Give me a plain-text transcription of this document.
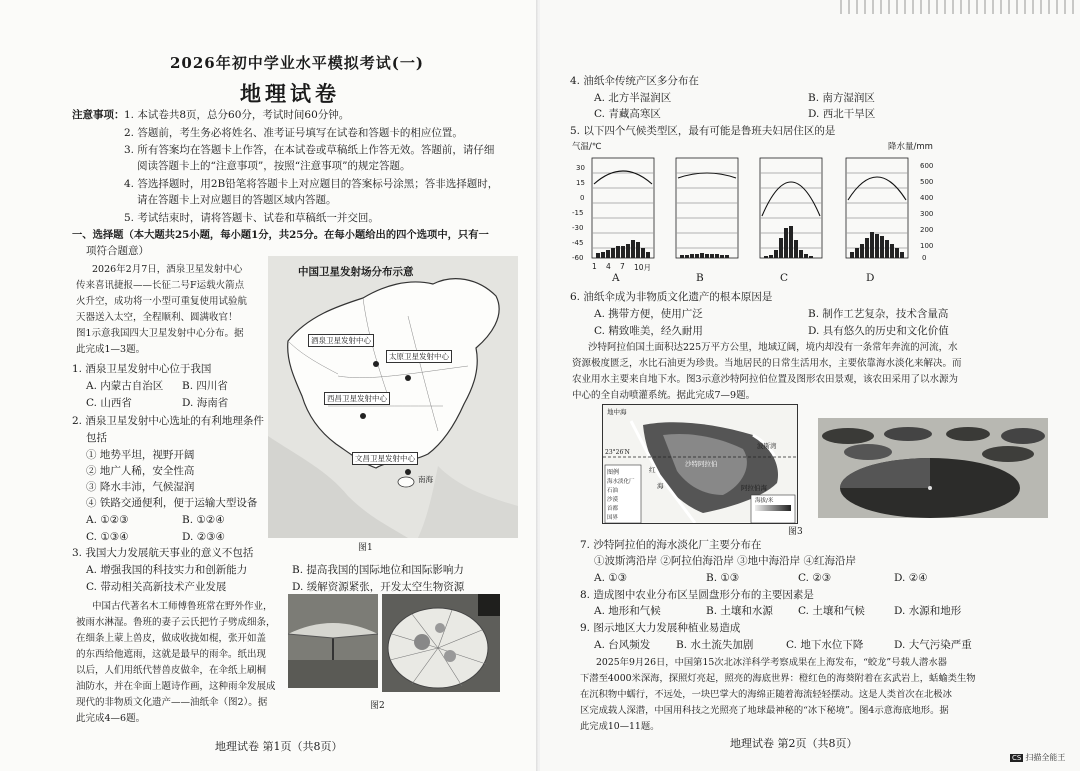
2026年初中学业水平模拟考试(一)
地理试卷
注意事项： 1. 本试卷共8页，总分60分，考试时间60分钟。
2. 答题前，考生务必将姓名、准考证号填写在试卷和答题卡的相应位置。
3. 所有答案均在答题卡上作答，在本试卷或草稿纸上作答无效。答题前，请仔细
阅读答题卡上的“注意事项”，按照“注意事项”的规定答题。
4. 答选择题时，用2B铅笔将答题卡上对应题目的答案标号涂黑；答非选择题时，
请在答题卡上对应题目的答题区域内答题。
5. 考试结束时，请将答题卡、试卷和草稿纸一并交回。
一、选择题（本大题共25小题，每小题1分，共25分。在每小题给出的四个选项中，只有一
项符合题意）
2026年2月7日，酒泉卫星发射中心
传来喜讯捷报——长征二号F运载火箭点
火升空，成功将一小型可重复使用试验航
天器送入太空，全程顺利、圆满收官！
图1示意我国四大卫星发射中心分布。据
此完成1—3题。
1. 酒泉卫星发射中心位于我国
A. 内蒙古自治区 B. 四川省
C. 山西省	D. 海南省
2. 酒泉卫星发射中心选址的有利地理条件
包括
① 地势平坦，视野开阔
② 地广人稀，安全性高
③ 降水丰沛，气候湿润
④ 铁路交通便利，便于运输大型设备
A. ①②③	B. ①②④
C. ①③④	D. ②③④
3. 我国大力发展航天事业的意义不包括
A. 增强我国的科技实力和创新能力	B. 提高我国的国际地位和国际影响力
C. 带动相关高新技术产业发展	D. 缓解资源紧张，开发太空生物资源
中国古代著名木工师傅鲁班常在野外作业，
被雨水淋湿。鲁班的妻子云氏把竹子劈成细条，
在细条上蒙上兽皮，做成收拢如棍，张开如盖
的东西给他遮雨，这就是最早的雨伞。纸出现
以后，人们用纸代替兽皮做伞，在伞纸上刷桐
油防水，并在伞面上题诗作画，这种雨伞发展成
现代的非物质文化遗产——油纸伞（图2）。据
此完成4—6题。
中国卫星发射场分布示意
酒泉卫星发射中心
太原卫星发射中心
西昌卫星发射中心
文昌卫星发射中心
南海
图1
图2
地理试卷 第1页（共8页）
4. 油纸伞传统产区多分布在
A. 北方半湿润区	B. 南方湿润区
C. 青藏高寒区	D. 西北干旱区
5. 以下四个气候类型区，最有可能是鲁班夫妇居住区的是
气温/℃	降水量/mm
30
15
0
-15
-30
-45
-60
600
500
400
300
200
100
0
1 4 7 10月
A	B	C	D
6. 油纸伞成为非物质文化遗产的根本原因是
A. 携带方便，使用广泛	B. 制作工艺复杂，技术含量高
C. 精致唯美，经久耐用	D. 具有悠久的历史和文化价值
沙特阿拉伯国土面积达225万平方公里，地域辽阔，境内却没有一条常年奔流的河流，水
资源极度匮乏，水比石油更为珍贵。当地居民的日常生活用水，主要依靠海水淡化来解决。而
农业用水主要来自地下水。图3示意沙特阿拉伯位置及图形农田景观，该农田采用了以水源为
中心的全自动喷灌系统。据此完成7—9题。
地中海
23°26′N
红
海
波斯湾
阿拉伯海
图例
海水淡化厂
石油
沙漠
首都
国界
沙特阿拉伯
海拔/米
图3
7. 沙特阿拉伯的海水淡化厂主要分布在
①波斯湾沿岸 ②阿拉伯海沿岸 ③地中海沿岸 ④红海沿岸
A. ①③	B. ①③	C. ②③	D. ②④
8. 造成图中农业分布区呈圆盘形分布的主要因素是
A. 地形和气候	B. 土壤和水源 C. 土壤和气候	D. 水源和地形
9. 图示地区大力发展种植业易造成
A. 台风频发 B. 水土流失加剧	C. 地下水位下降	D. 大气污染严重
2025年9月26日，中国第15次北冰洋科学考察成果在上海发布，“蛟龙”号载人潜水器
下潜至4000米深海，探照灯亮起，照亮的海底世界：橙红色的海葵附着在玄武岩上，蛞蝓类生物
在沉积物中蠕行，不远处，一块巴掌大的海绵正随着海流轻轻摆动。这是人类首次在北极冰
区完成载人深潜，中国用科技之光照亮了地球最神秘的“冰下秘境”。图4示意海底地形。据
此完成10—11题。
地理试卷 第2页（共8页）
CS 扫描全能王
